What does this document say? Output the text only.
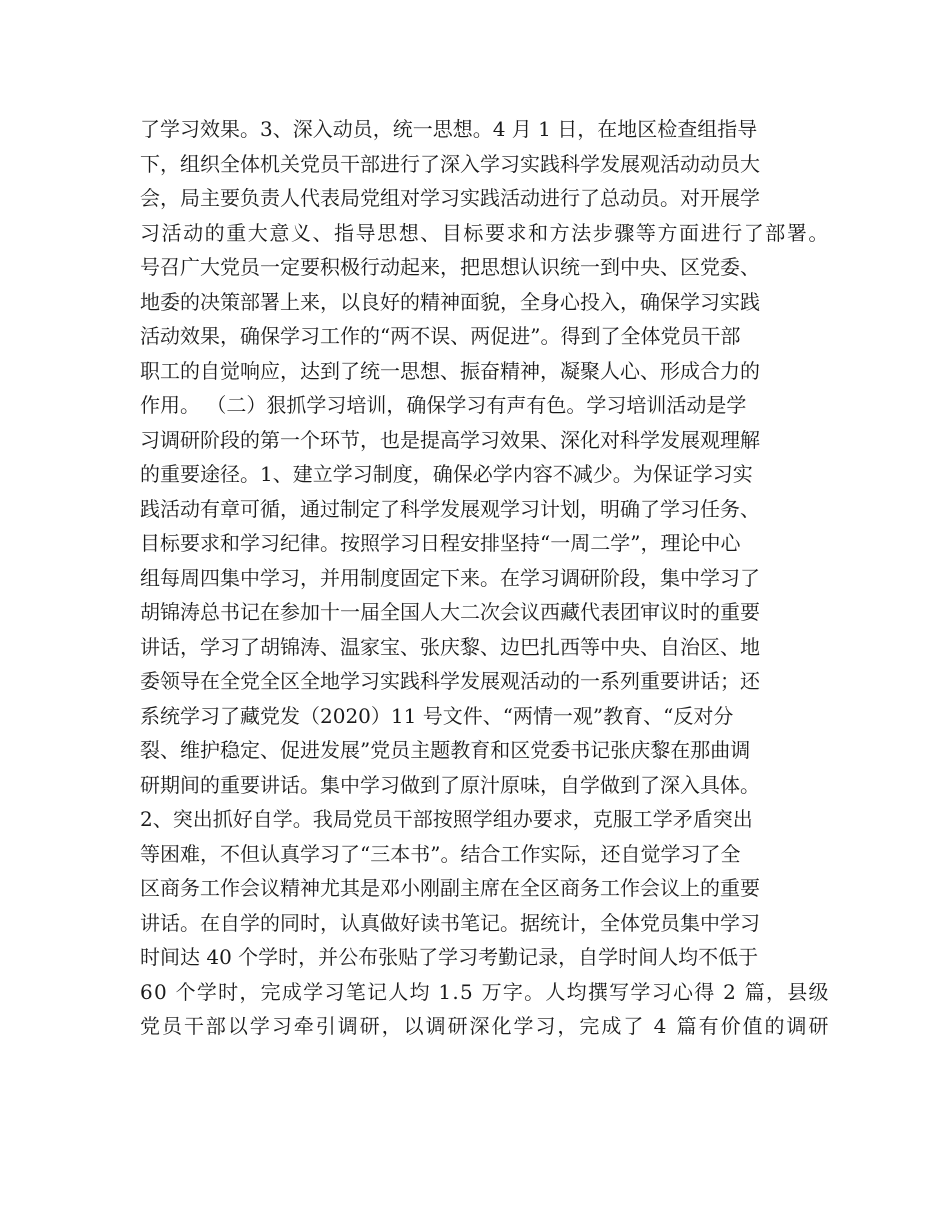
了学习效果。3、深入动员，统一思想。4 月 1 日，在地区检查组指导
下，组织全体机关党员干部进行了深入学习实践科学发展观活动动员大
会，局主要负责人代表局党组对学习实践活动进行了总动员。对开展学
习活动的重大意义、指导思想、目标要求和方法步骤等方面进行了部署。
号召广大党员一定要积极行动起来，把思想认识统一到中央、区党委、
地委的决策部署上来，以良好的精神面貌，全身心投入，确保学习实践
活动效果，确保学习工作的“两不误、两促进”。得到了全体党员干部
职工的自觉响应，达到了统一思想、振奋精神，凝聚人心、形成合力的
作用。 （二）狠抓学习培训，确保学习有声有色。学习培训活动是学
习调研阶段的第一个环节，也是提高学习效果、深化对科学发展观理解
的重要途径。1、建立学习制度，确保必学内容不减少。为保证学习实
践活动有章可循，通过制定了科学发展观学习计划，明确了学习任务、
目标要求和学习纪律。按照学习日程安排坚持“一周二学”，理论中心
组每周四集中学习，并用制度固定下来。在学习调研阶段，集中学习了
胡锦涛总书记在参加十一届全国人大二次会议西藏代表团审议时的重要
讲话，学习了胡锦涛、温家宝、张庆黎、边巴扎西等中央、自治区、地
委领导在全党全区全地学习实践科学发展观活动的一系列重要讲话；还
系统学习了藏党发（2020）11 号文件、“两情一观”教育、“反对分
裂、维护稳定、促进发展”党员主题教育和区党委书记张庆黎在那曲调
研期间的重要讲话。集中学习做到了原汁原味，自学做到了深入具体。
2、突出抓好自学。我局党员干部按照学组办要求，克服工学矛盾突出
等困难，不但认真学习了“三本书”。结合工作实际，还自觉学习了全
区商务工作会议精神尤其是邓小刚副主席在全区商务工作会议上的重要
讲话。在自学的同时，认真做好读书笔记。据统计，全体党员集中学习
时间达 40 个学时，并公布张贴了学习考勤记录，自学时间人均不低于
60 个学时，完成学习笔记人均 1.5 万字。人均撰写学习心得 2 篇，县级
党员干部以学习牵引调研，以调研深化学习，完成了 4 篇有价值的调研
